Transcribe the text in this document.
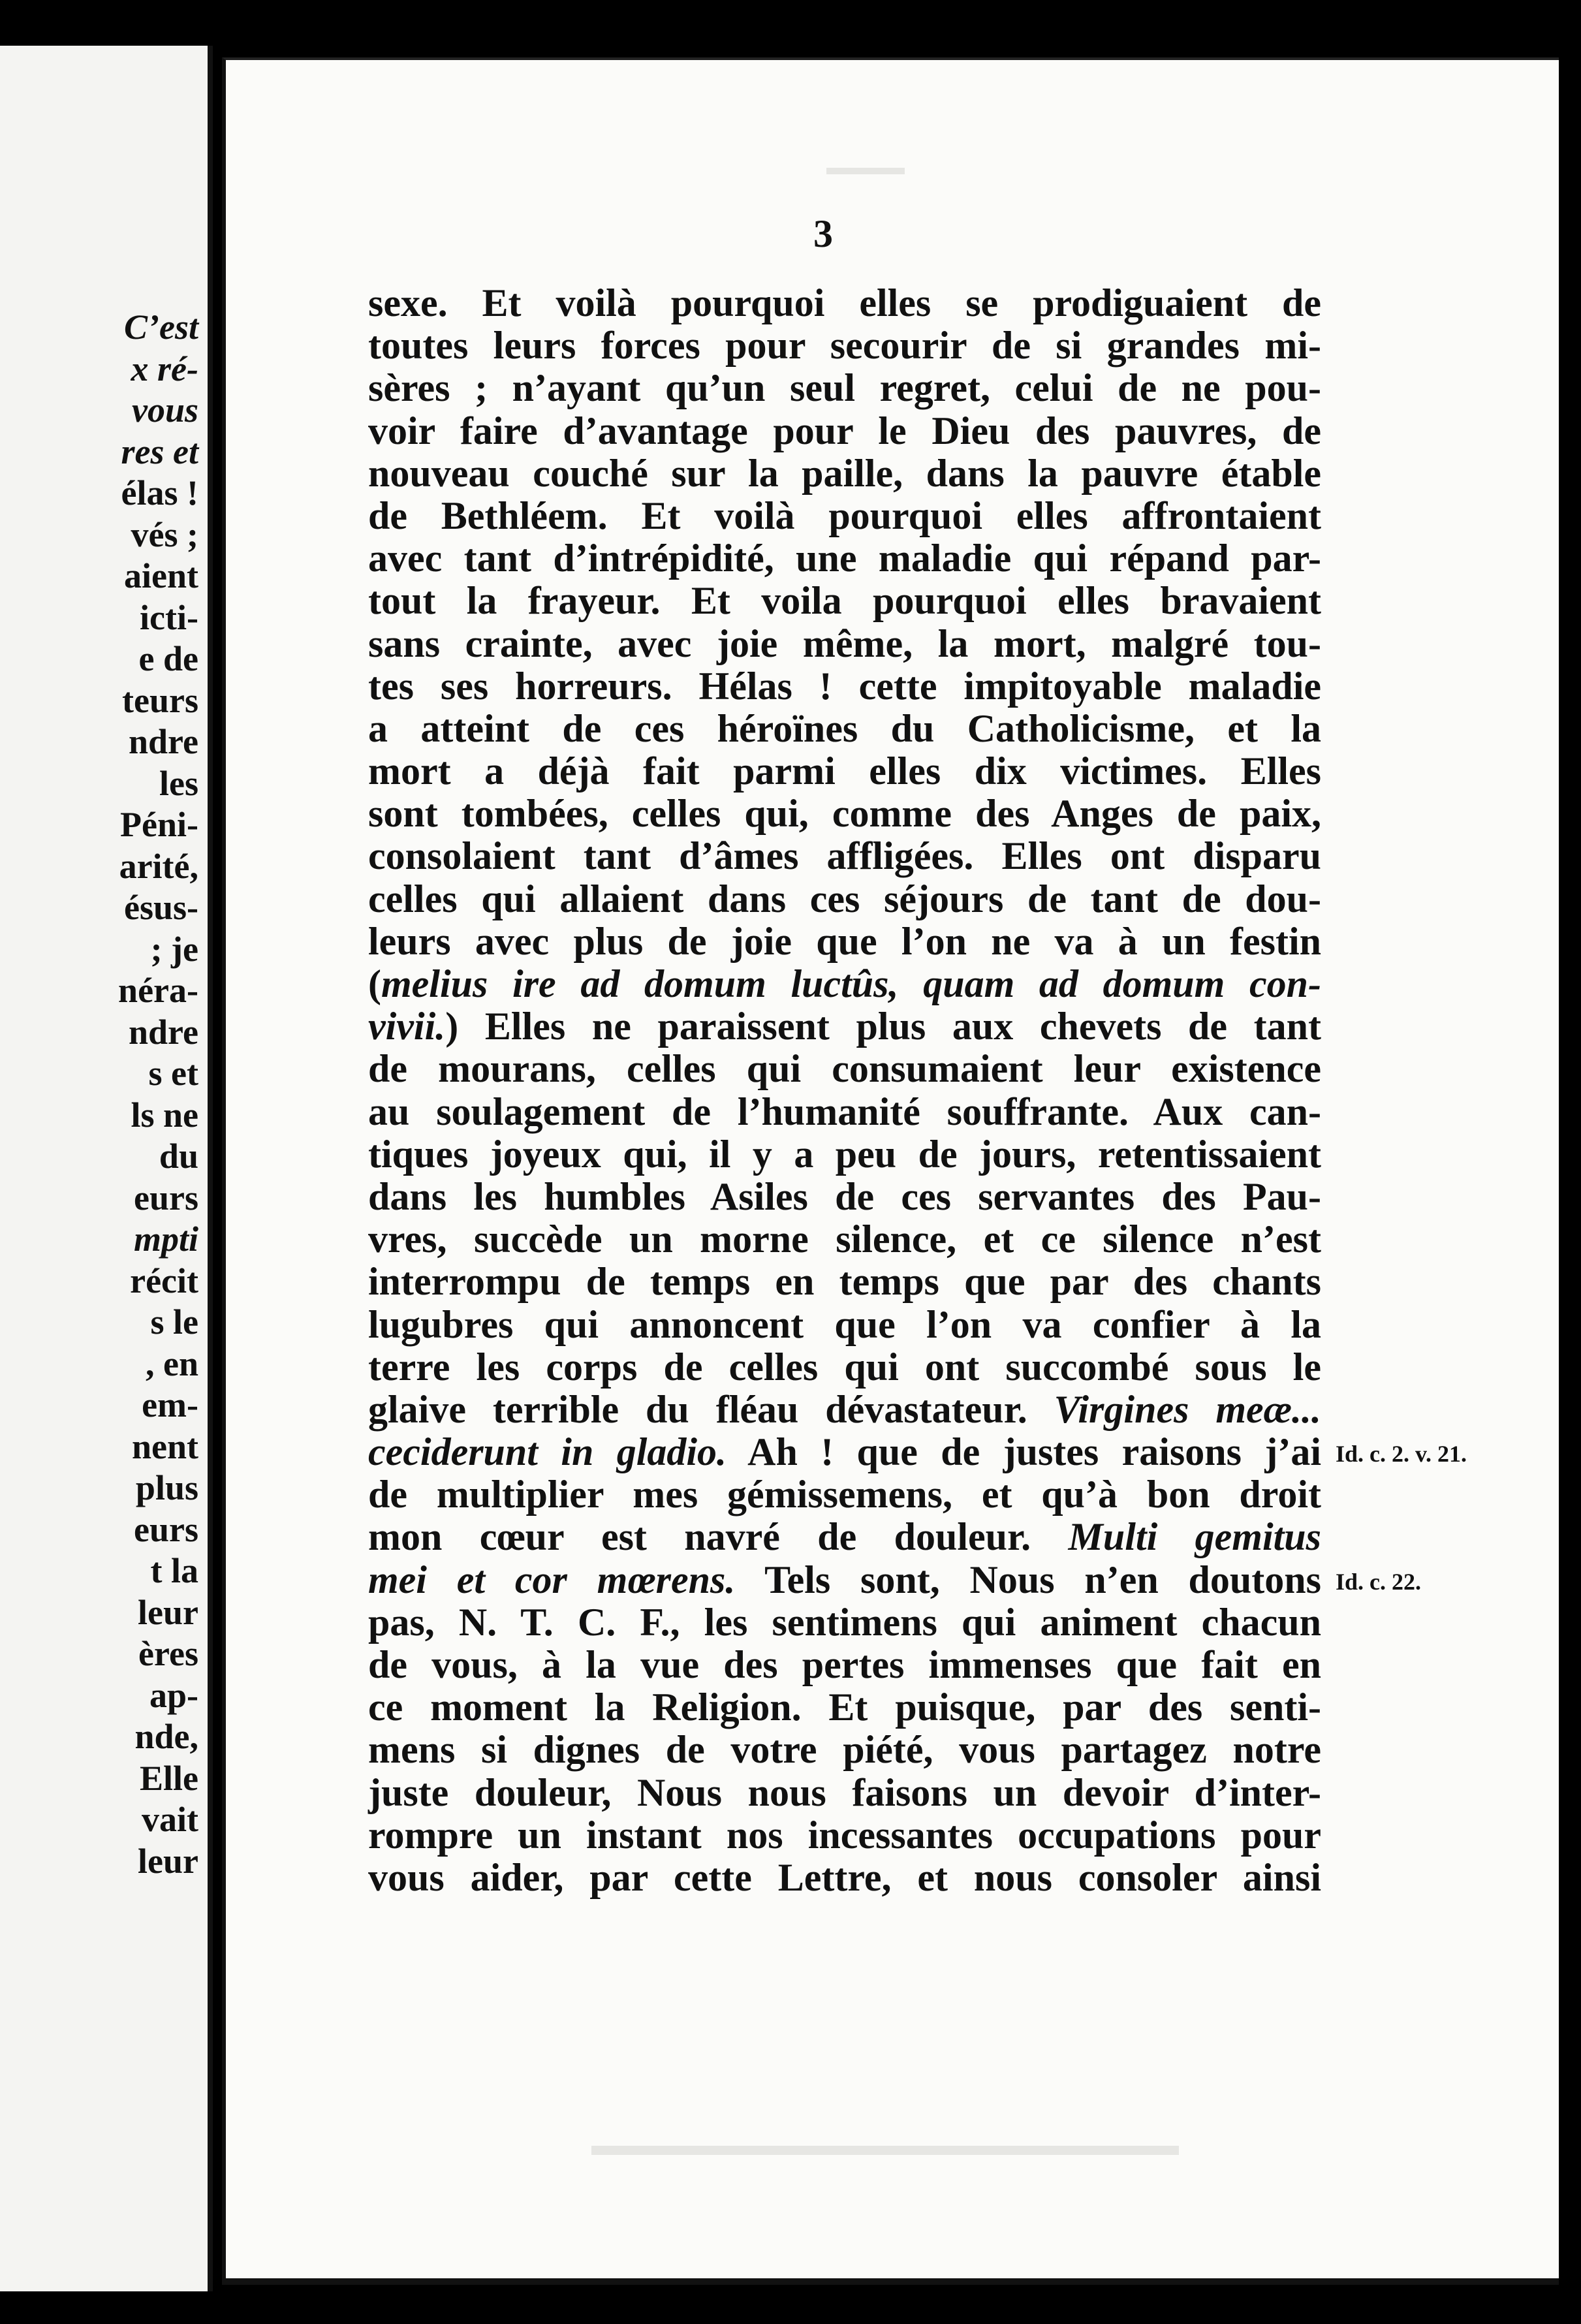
C’est
x ré-
vous
res et
élas !
vés ;
aient
icti-
e de
teurs
ndre
les
Péni-
arité,
ésus-
; je
néra-
ndre
s et
ls ne
du
eurs
mpti
récit
s le
, en
em-
nent
plus
eurs
t la
leur
ères
ap-
nde,
Elle
vait
leur
3
sexe. Et voilà pourquoi elles se prodiguaient de
toutes leurs forces pour secourir de si grandes mi-
sères ; n’ayant qu’un seul regret, celui de ne pou-
voir faire d’avantage pour le Dieu des pauvres, de
nouveau couché sur la paille, dans la pauvre étable
de Bethléem. Et voilà pourquoi elles affrontaient
avec tant d’intrépidité, une maladie qui répand par-
tout la frayeur. Et voila pourquoi elles bravaient
sans crainte, avec joie même, la mort, malgré tou-
tes ses horreurs. Hélas ! cette impitoyable maladie
a atteint de ces héroïnes du Catholicisme, et la
mort a déjà fait parmi elles dix victimes. Elles
sont tombées, celles qui, comme des Anges de paix,
consolaient tant d’âmes affligées. Elles ont disparu
celles qui allaient dans ces séjours de tant de dou-
leurs avec plus de joie que l’on ne va à un festin
(melius ire ad domum luctûs, quam ad domum con-
vivii.) Elles ne paraissent plus aux chevets de tant
de mourans, celles qui consumaient leur existence
au soulagement de l’humanité souffrante. Aux can-
tiques joyeux qui, il y a peu de jours, retentissaient
dans les humbles Asiles de ces servantes des Pau-
vres, succède un morne silence, et ce silence n’est
interrompu de temps en temps que par des chants
lugubres qui annoncent que l’on va confier à la
terre les corps de celles qui ont succombé sous le
glaive terrible du fléau dévastateur. Virgines meæ...
ceciderunt in gladio. Ah ! que de justes raisons j’ai
de multiplier mes gémissemens, et qu’à bon droit
mon cœur est navré de douleur. Multi gemitus
mei et cor mœrens. Tels sont, Nous n’en doutons
pas, N. T. C. F., les sentimens qui animent chacun
de vous, à la vue des pertes immenses que fait en
ce moment la Religion. Et puisque, par des senti-
mens si dignes de votre piété, vous partagez notre
juste douleur, Nous nous faisons un devoir d’inter-
rompre un instant nos incessantes occupations pour
vous aider, par cette Lettre, et nous consoler ainsi
Id. c. 2. v. 21.
Id. c. 22.
